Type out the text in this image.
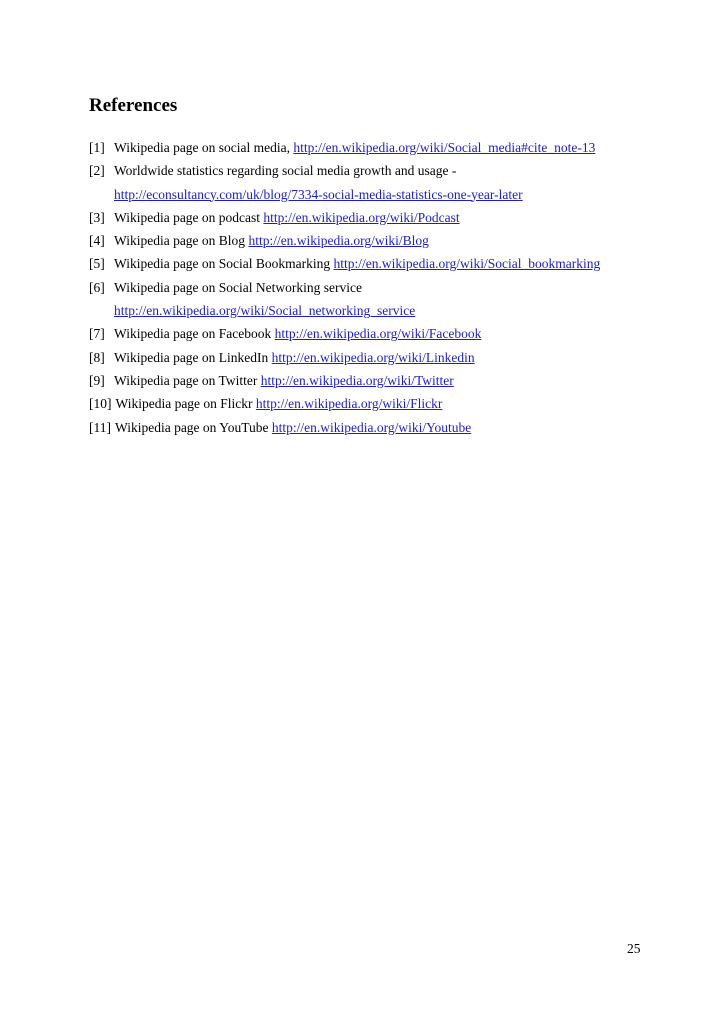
References
[1] Wikipedia page on social media, http://en.wikipedia.org/wiki/Social_media#cite_note-13
[2] Worldwide statistics regarding social media growth and usage -
http://econsultancy.com/uk/blog/7334-social-media-statistics-one-year-later
[3] Wikipedia page on podcast http://en.wikipedia.org/wiki/Podcast
[4] Wikipedia page on Blog http://en.wikipedia.org/wiki/Blog
[5] Wikipedia page on Social Bookmarking http://en.wikipedia.org/wiki/Social_bookmarking
[6] Wikipedia page on Social Networking service
http://en.wikipedia.org/wiki/Social_networking_service
[7] Wikipedia page on Facebook http://en.wikipedia.org/wiki/Facebook
[8] Wikipedia page on LinkedIn http://en.wikipedia.org/wiki/Linkedin
[9] Wikipedia page on Twitter http://en.wikipedia.org/wiki/Twitter
[10] Wikipedia page on Flickr http://en.wikipedia.org/wiki/Flickr
[11] Wikipedia page on YouTube http://en.wikipedia.org/wiki/Youtube
25
